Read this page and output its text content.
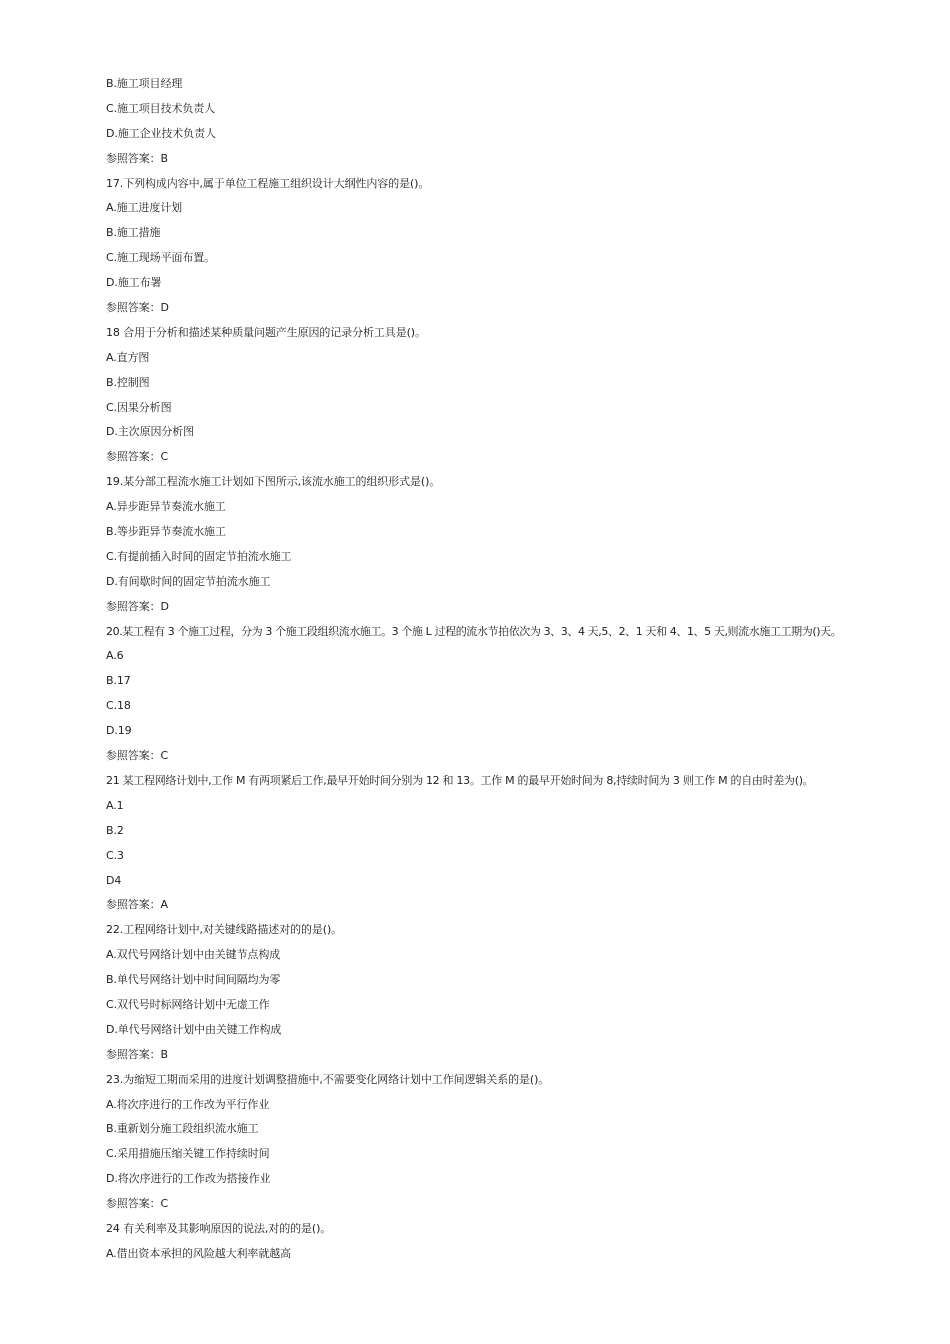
B.施工项目经理
C.施工项目技术负责人
D.施工企业技术负责人
参照答案：B
17.下列构成内容中,属于单位工程施工组织设计大纲性内容的是()。
A.施工进度计划
B.施工措施
C.施工现场平面布置。
D.施工布署
参照答案：D
18 合用于分析和描述某种质量问题产生原因的记录分析工具是()。
A.直方图
B.控制图
C.因果分析图
D.主次原因分析图
参照答案：C
19.某分部工程流水施工计划如下图所示,该流水施工的组织形式是()。
A.异步距异节奏流水施工
B.等步距异节奏流水施工
C.有提前插入时间的固定节拍流水施工
D.有间歇时间的固定节拍流水施工
参照答案：D
20.某工程有 3 个施工过程，分为 3 个施工段组织流水施工。3 个施 L 过程的流水节拍依次为 3、3、4 天,5、2、1 天和 4、1、5 天,则流水施工工期为()天。
A.6
B.17
C.18
D.19
参照答案：C
21 某工程网络计划中,工作 M 有两项紧后工作,最早开始时间分别为 12 和 13。工作 M 的最早开始时间为 8,持续时间为 3 则工作 M 的自由时差为()。
A.1
B.2
C.3
D4
参照答案：A
22.工程网络计划中,对关键线路描述对的的是()。
A.双代号网络计划中由关键节点构成
B.单代号网络计划中时间间隔均为零
C.双代号时标网络计划中无虚工作
D.单代号网络计划中由关键工作构成
参照答案：B
23.为缩短工期而采用的进度计划调整措施中,不需要变化网络计划中工作间逻辑关系的是()。
A.将次序进行的工作改为平行作业
B.重新划分施工段组织流水施工
C.采用措施压缩关键工作持续时间
D.将次序进行的工作改为搭接作业
参照答案：C
24 有关利率及其影响原因的说法,对的的是()。
A.借出资本承担的风险越大利率就越高
